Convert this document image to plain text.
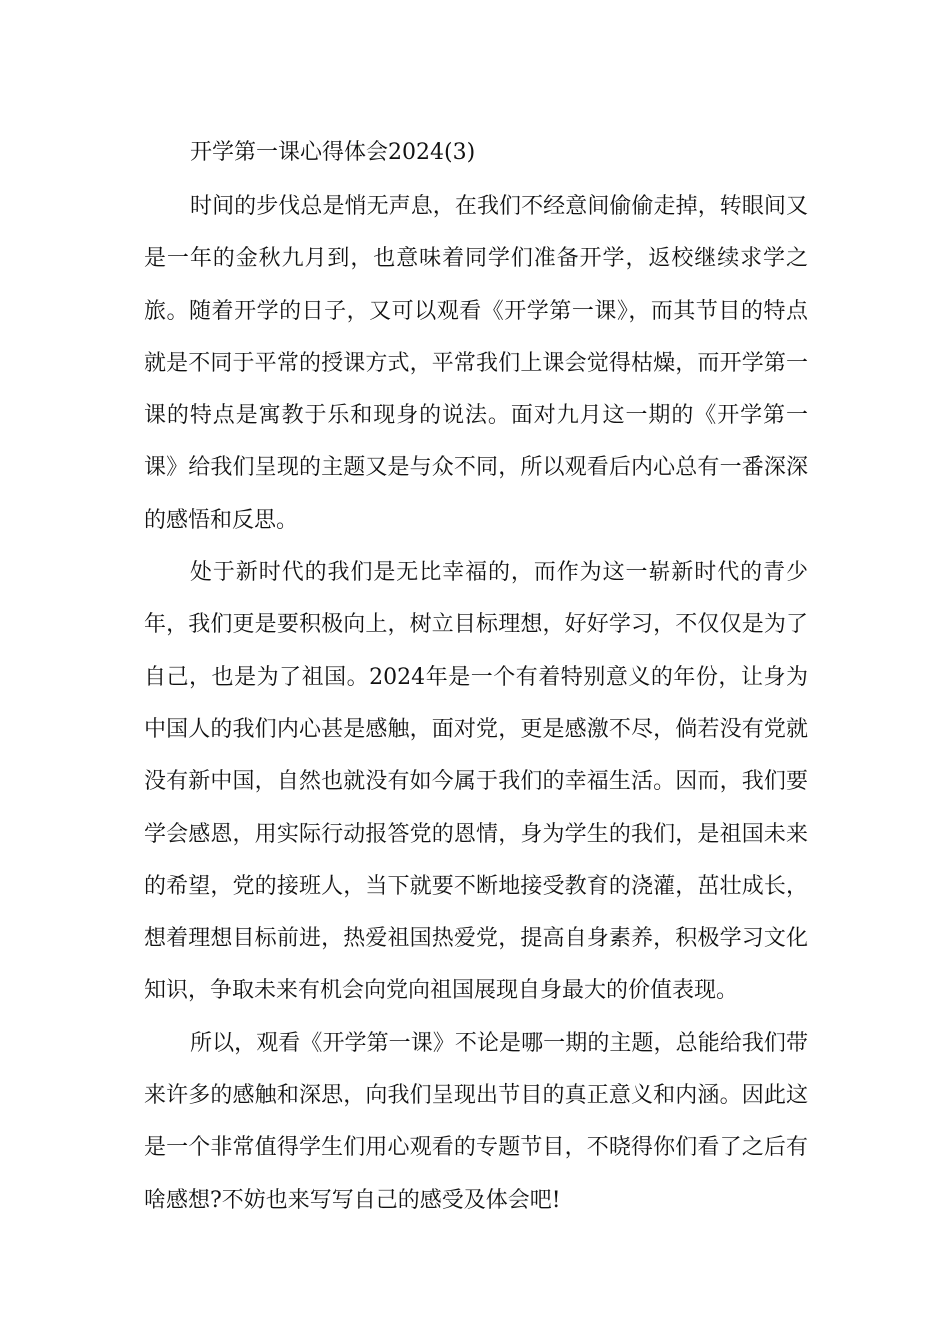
开学第一课心得体会2024(3)

时间的步伐总是悄无声息，在我们不经意间偷偷走掉，转眼间又是一年的金秋九月到，也意味着同学们准备开学，返校继续求学之旅。随着开学的日子，又可以观看《开学第一课》，而其节目的特点就是不同于平常的授课方式，平常我们上课会觉得枯燥，而开学第一课的特点是寓教于乐和现身的说法。面对九月这一期的《开学第一课》给我们呈现的主题又是与众不同，所以观看后内心总有一番深深的感悟和反思。

处于新时代的我们是无比幸福的，而作为这一崭新时代的青少年，我们更是要积极向上，树立目标理想，好好学习，不仅仅是为了自己，也是为了祖国。2024年是一个有着特别意义的年份，让身为中国人的我们内心甚是感触，面对党，更是感激不尽，倘若没有党就没有新中国，自然也就没有如今属于我们的幸福生活。因而，我们要学会感恩，用实际行动报答党的恩情，身为学生的我们，是祖国未来的希望，党的接班人，当下就要不断地接受教育的浇灌，茁壮成长，想着理想目标前进，热爱祖国热爱党，提高自身素养，积极学习文化知识，争取未来有机会向党向祖国展现自身最大的价值表现。

所以，观看《开学第一课》不论是哪一期的主题，总能给我们带来许多的感触和深思，向我们呈现出节目的真正意义和内涵。因此这是一个非常值得学生们用心观看的专题节目，不晓得你们看了之后有啥感想?不妨也来写写自己的感受及体会吧!
